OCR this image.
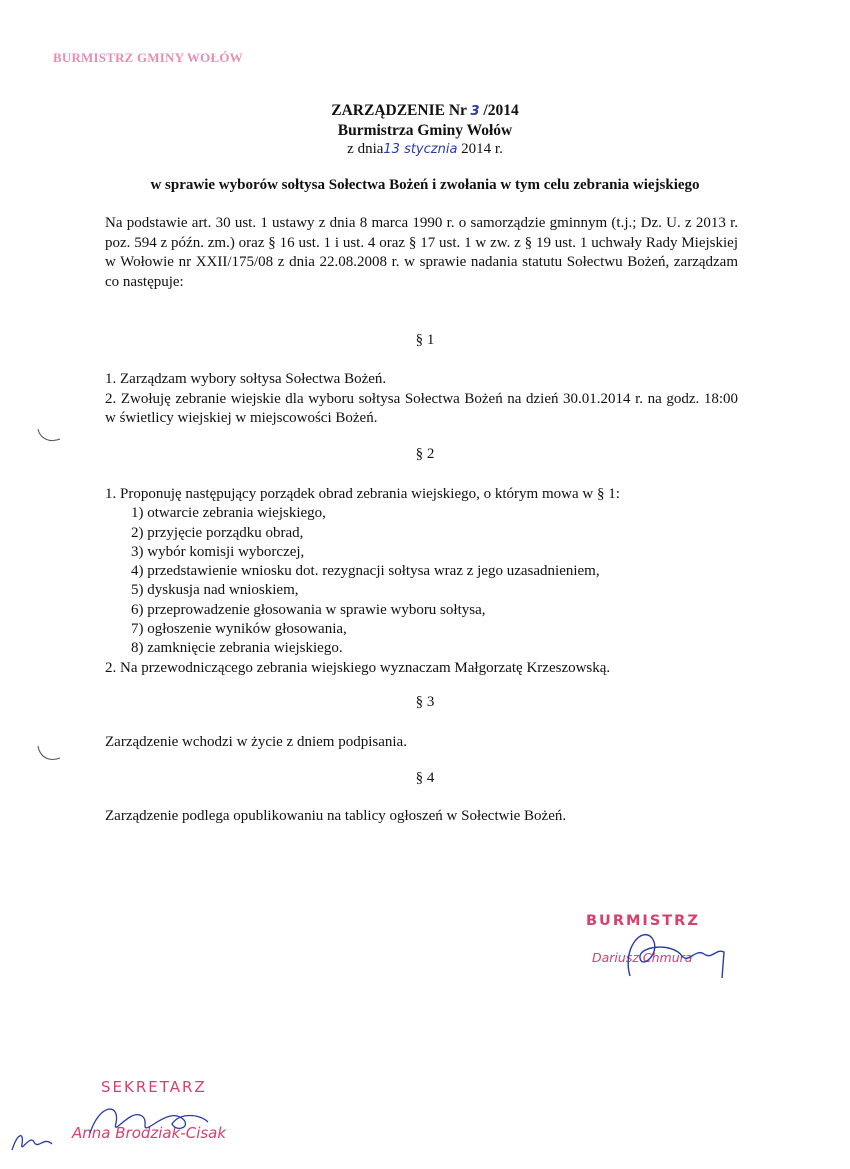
BURMISTRZ GMINY WOŁÓW
ZARZĄDZENIE Nr 3 /2014
Burmistrza Gminy Wołów
z dnia13 stycznia 2014 r.
w sprawie wyborów sołtysa Sołectwa Bożeń i zwołania w tym celu zebrania wiejskiego
Na podstawie art. 30 ust. 1 ustawy z dnia 8 marca 1990 r. o samorządzie gminnym (t.j.; Dz. U. z 2013 r. poz. 594 z późn. zm.) oraz § 16 ust. 1 i ust. 4 oraz § 17 ust. 1 w zw. z § 19 ust. 1 uchwały Rady Miejskiej w Wołowie nr XXII/175/08 z dnia 22.08.2008 r. w sprawie nadania statutu Sołectwu Bożeń, zarządzam co następuje:
§ 1
1. Zarządzam wybory sołtysa Sołectwa Bożeń.
2. Zwołuję zebranie wiejskie dla wyboru sołtysa Sołectwa Bożeń na dzień 30.01.2014 r. na godz. 18:00 w świetlicy wiejskiej w miejscowości Bożeń.
§ 2
1. Proponuję następujący porządek obrad zebrania wiejskiego, o którym mowa w § 1:
1) otwarcie zebrania wiejskiego,
2) przyjęcie porządku obrad,
3) wybór komisji wyborczej,
4) przedstawienie wniosku dot. rezygnacji sołtysa wraz z jego uzasadnieniem,
5) dyskusja nad wnioskiem,
6) przeprowadzenie głosowania w sprawie wyboru sołtysa,
7) ogłoszenie wyników głosowania,
8) zamknięcie zebrania wiejskiego.
2. Na przewodniczącego zebrania wiejskiego wyznaczam Małgorzatę Krzeszowską.
§ 3
Zarządzenie wchodzi w życie z dniem podpisania.
§ 4
Zarządzenie podlega opublikowaniu na tablicy ogłoszeń w Sołectwie Bożeń.
BURMISTRZ
Dariusz Chmura
SEKRETARZ
Anna Brodziak-Cisak
